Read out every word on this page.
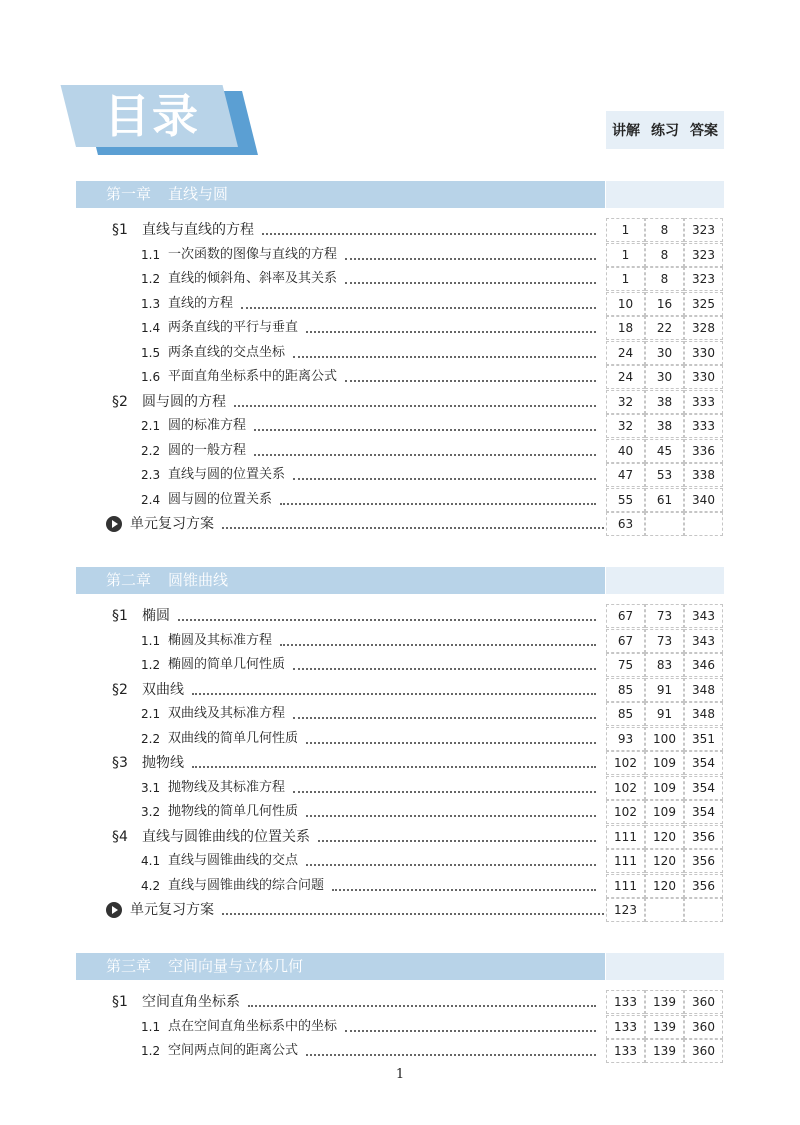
目录	讲解 练习 答案
第一章 直线与圆
第二章 圆锥曲线
第三章 空间向量与立体几何
§1 直线与直线的方程	1	8	323
1.1 一次函数的图像与直线的方程	1	8	323
1.2 直线的倾斜角、斜率及其关系	1	8	323
1.3 直线的方程	10	16	325
1.4 两条直线的平行与垂直	18	22	328
1.5 两条直线的交点坐标	24	30	330
1.6 平面直角坐标系中的距离公式	24	30	330
§2 圆与圆的方程	32	38	333
2.1 圆的标准方程	32	38	333
2.2 圆的一般方程	40	45	336
2.3 直线与圆的位置关系	47	53	338
2.4 圆与圆的位置关系	55	61	340
单元复习方案	63
§1 椭圆	67	73	343
1.1 椭圆及其标准方程	67	73	343
1.2 椭圆的简单几何性质	75	83	346
§2 双曲线	85	91	348
2.1 双曲线及其标准方程	85	91	348
2.2 双曲线的简单几何性质	93	100	351
§3 抛物线	102	109	354
3.1 抛物线及其标准方程	102	109	354
3.2 抛物线的简单几何性质	102	109	354
§4 直线与圆锥曲线的位置关系	111	120	356
4.1 直线与圆锥曲线的交点	111	120	356
4.2 直线与圆锥曲线的综合问题	111	120	356
单元复习方案	123
§1 空间直角坐标系	133	139	360
1.1 点在空间直角坐标系中的坐标	133	139	360
1.2 空间两点间的距离公式	133	139	360
1
